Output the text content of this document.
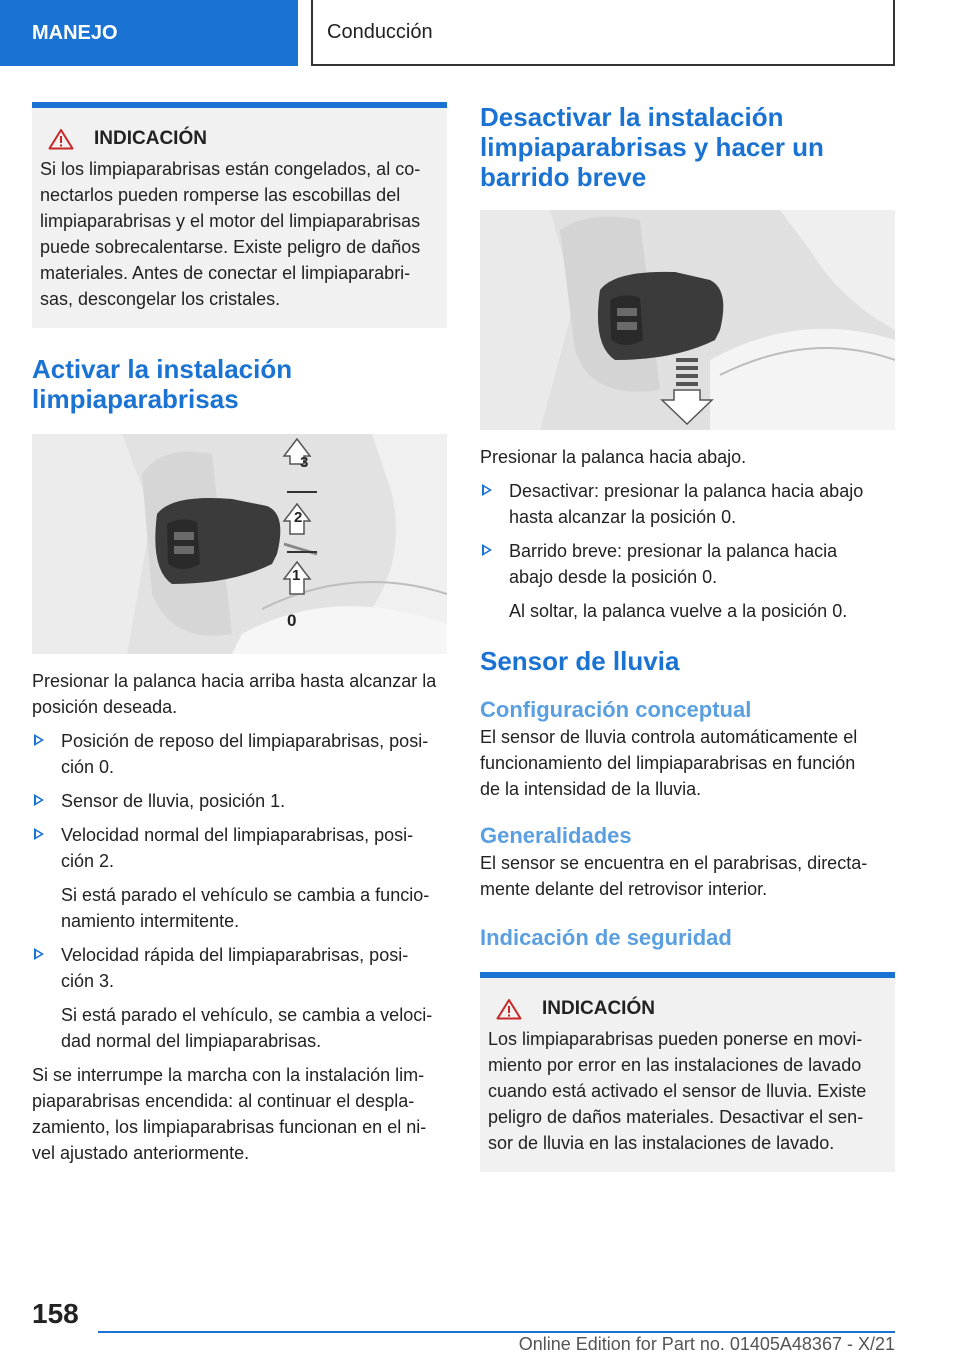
MANEJO	Conducción
INDICACIÓN

Si los limpiaparabrisas están congelados, al co-

nectarlos pueden romperse las escobillas del

limpiaparabrisas y el motor del limpiaparabrisas

puede sobrecalentarse. Existe peligro de daños

materiales. Antes de conectar el limpiaparabri-

sas, descongelar los cristales.

Activar la instalación
limpiaparabrisas
3
2
1
0

Presionar la palanca hacia arriba hasta alcanzar la

posición deseada.

Posición de reposo del limpiaparabrisas, posi-
ción 0.
Sensor de lluvia, posición 1.
Velocidad normal del limpiaparabrisas, posi-
ción 2.
Si está parado el vehículo se cambia a funcio-
namiento intermitente.
Velocidad rápida del limpiaparabrisas, posi-
ción 3.
Si está parado el vehículo, se cambia a veloci-
dad normal del limpiaparabrisas.

Si se interrumpe la marcha con la instalación lim-

piaparabrisas encendida: al continuar el despla-

zamiento, los limpiaparabrisas funcionan en el ni-

vel ajustado anteriormente.

Desactivar la instalación
limpiaparabrisas y hacer un
barrido breve

Presionar la palanca hacia abajo.

Desactivar: presionar la palanca hacia abajo
hasta alcanzar la posición 0.
Barrido breve: presionar la palanca hacia
abajo desde la posición 0.
Al soltar, la palanca vuelve a la posición 0.
Sensor de lluvia
Configuración conceptual

El sensor de lluvia controla automáticamente el

funcionamiento del limpiaparabrisas en función

de la intensidad de la lluvia.

Generalidades

El sensor se encuentra en el parabrisas, directa-

mente delante del retrovisor interior.

Indicación de seguridad
INDICACIÓN

Los limpiaparabrisas pueden ponerse en movi-

miento por error en las instalaciones de lavado

cuando está activado el sensor de lluvia. Existe

peligro de daños materiales. Desactivar el sen-

sor de lluvia en las instalaciones de lavado.

158
Online Edition for Part no. 01405A48367 - X/21
